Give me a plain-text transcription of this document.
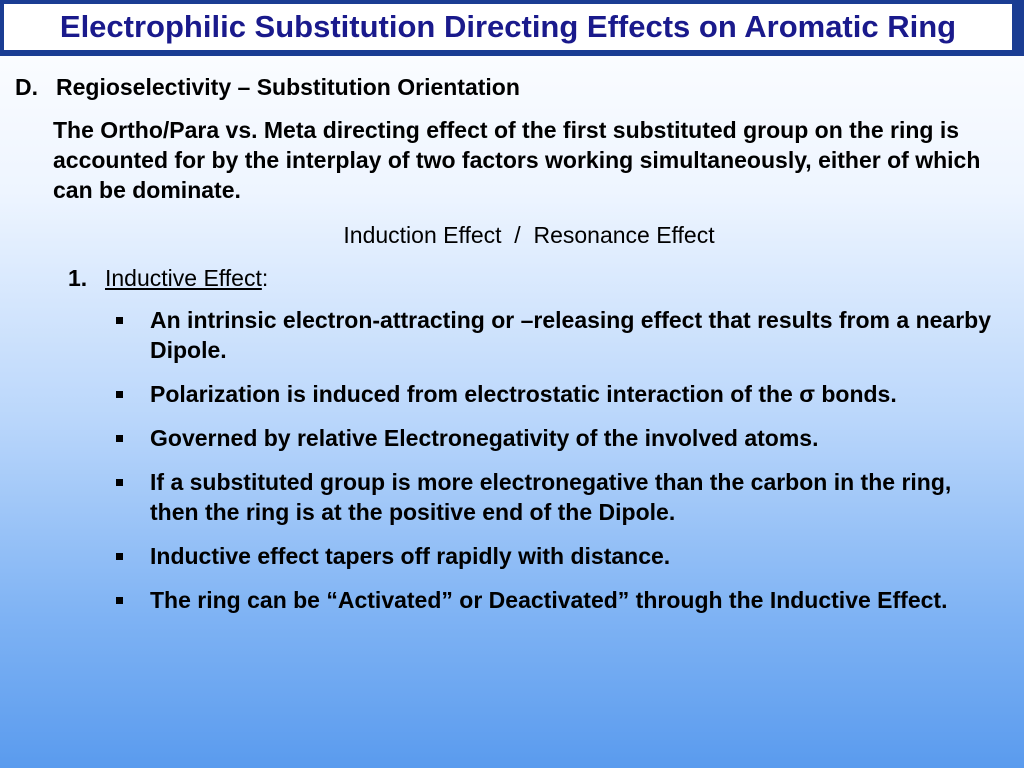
Electrophilic Substitution Directing Effects on Aromatic Ring
D. Regioselectivity – Substitution Orientation
The Ortho/Para vs. Meta directing effect of the first substituted group on the ring is accounted for by the interplay of two factors working simultaneously, either of which can be dominate.
Induction Effect  /  Resonance Effect
1. Inductive Effect:
An intrinsic electron-attracting or –releasing effect that results from a nearby Dipole.
Polarization is induced from electrostatic interaction of the σ bonds.
Governed by relative Electronegativity of the involved atoms.
If a substituted group is more electronegative than the carbon in the ring, then the ring is at the positive end of the Dipole.
Inductive effect tapers off rapidly with distance.
The ring can be “Activated” or Deactivated” through the Inductive Effect.
